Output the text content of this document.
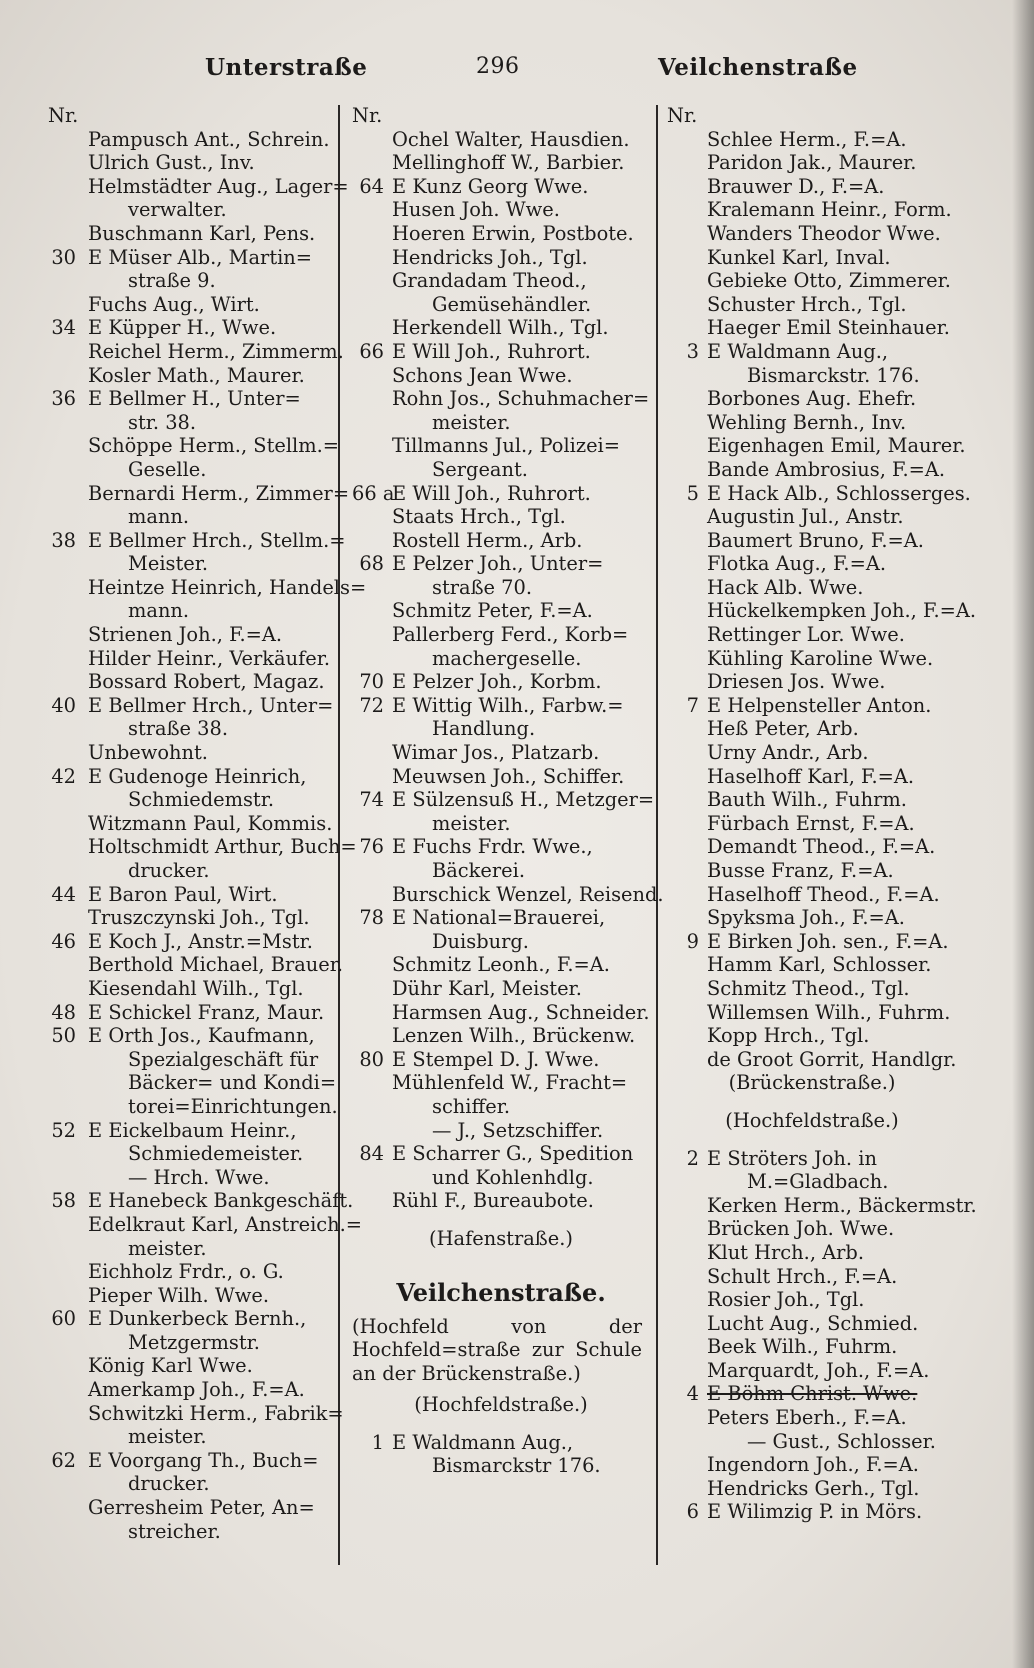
Unterstraße	296	Veilchenstraße
Nr.
Pampusch Ant., Schrein.
Ulrich Gust., Inv.
Helmstädter Aug., Lager=
verwalter.
Buschmann Karl, Pens.
30 E Müser Alb., Martin=
straße 9.
Fuchs Aug., Wirt.
34 E Küpper H., Wwe.
Reichel Herm., Zimmerm.
Kosler Math., Maurer.
36 E Bellmer H., Unter=
str. 38.
Schöppe Herm., Stellm.=
Geselle.
Bernardi Herm., Zimmer=
mann.
38 E Bellmer Hrch., Stellm.=
Meister.
Heintze Heinrich, Handels=
mann.
Strienen Joh., F.=A.
Hilder Heinr., Verkäufer.
Bossard Robert, Magaz.
40 E Bellmer Hrch., Unter=
straße 38.
Unbewohnt.
42 E Gudenoge Heinrich,
Schmiedemstr.
Witzmann Paul, Kommis.
Holtschmidt Arthur, Buch=
drucker.
44 E Baron Paul, Wirt.
Truszczynski Joh., Tgl.
46 E Koch J., Anstr.=Mstr.
Berthold Michael, Brauer.
Kiesendahl Wilh., Tgl.
48 E Schickel Franz, Maur.
50 E Orth Jos., Kaufmann,
Spezialgeschäft für
Bäcker= und Kondi=
torei=Einrichtungen.
52 E Eickelbaum Heinr.,
Schmiedemeister.
— Hrch. Wwe.
58 E Hanebeck Bankgeschäft.
Edelkraut Karl, Anstreich.=
meister.
Eichholz Frdr., o. G.
Pieper Wilh. Wwe.
60 E Dunkerbeck Bernh.,
Metzgermstr.
König Karl Wwe.
Amerkamp Joh., F.=A.
Schwitzki Herm., Fabrik=
meister.
62 E Voorgang Th., Buch=
drucker.
Gerresheim Peter, An=
streicher.
Nr.
Ochel Walter, Hausdien.
Mellinghoff W., Barbier.
64 E Kunz Georg Wwe.
Husen Joh. Wwe.
Hoeren Erwin, Postbote.
Hendricks Joh., Tgl.
Grandadam Theod.,
Gemüsehändler.
Herkendell Wilh., Tgl.
66 E Will Joh., Ruhrort.
Schons Jean Wwe.
Rohn Jos., Schuhmacher=
meister.
Tillmanns Jul., Polizei=
Sergeant.
66 a
E Will Joh., Ruhrort.
Staats Hrch., Tgl.
Rostell Herm., Arb.
68 E Pelzer Joh., Unter=
straße 70.
Schmitz Peter, F.=A.
Pallerberg Ferd., Korb=
machergeselle.
70 E Pelzer Joh., Korbm.
72 E Wittig Wilh., Farbw.=
Handlung.
Wimar Jos., Platzarb.
Meuwsen Joh., Schiffer.
74 E Sülzensuß H., Metzger=
meister.
76 E Fuchs Frdr. Wwe.,
Bäckerei.
Burschick Wenzel, Reisend.
78 E National=Brauerei,
Duisburg.
Schmitz Leonh., F.=A.
Dühr Karl, Meister.
Harmsen Aug., Schneider.
Lenzen Wilh., Brückenw.
80 E Stempel D. J. Wwe.
Mühlenfeld W., Fracht=
schiffer.
— J., Setzschiffer.
84 E Scharrer G., Spedition
und Kohlenhdlg.
Rühl F., Bureaubote.
(Hafenstraße.)
Veilchenstraße.
(Hochfeld von der Hochfeld=straße zur Schule an der Brückenstraße.)
(Hochfeldstraße.)
1 E Waldmann Aug.,
Bismarckstr 176.
Nr.
Schlee Herm., F.=A.
Paridon Jak., Maurer.
Brauwer D., F.=A.
Kralemann Heinr., Form.
Wanders Theodor Wwe.
Kunkel Karl, Inval.
Gebieke Otto, Zimmerer.
Schuster Hrch., Tgl.
Haeger Emil Steinhauer.
3 E Waldmann Aug.,
Bismarckstr. 176.
Borbones Aug. Ehefr.
Wehling Bernh., Inv.
Eigenhagen Emil, Maurer.
Bande Ambrosius, F.=A.
5 E Hack Alb., Schlosserges.
Augustin Jul., Anstr.
Baumert Bruno, F.=A.
Flotka Aug., F.=A.
Hack Alb. Wwe.
Hückelkempken Joh., F.=A.
Rettinger Lor. Wwe.
Kühling Karoline Wwe.
Driesen Jos. Wwe.
7 E Helpensteller Anton.
Heß Peter, Arb.
Urny Andr., Arb.
Haselhoff Karl, F.=A.
Bauth Wilh., Fuhrm.
Fürbach Ernst, F.=A.
Demandt Theod., F.=A.
Busse Franz, F.=A.
Haselhoff Theod., F.=A.
Spyksma Joh., F.=A.
9 E Birken Joh. sen., F.=A.
Hamm Karl, Schlosser.
Schmitz Theod., Tgl.
Willemsen Wilh., Fuhrm.
Kopp Hrch., Tgl.
de Groot Gorrit, Handlgr.
(Brückenstraße.)
(Hochfeldstraße.)
2 E Ströters Joh. in
M.=Gladbach.
Kerken Herm., Bäckermstr.
Brücken Joh. Wwe.
Klut Hrch., Arb.
Schult Hrch., F.=A.
Rosier Joh., Tgl.
Lucht Aug., Schmied.
Beek Wilh., Fuhrm.
Marquardt, Joh., F.=A.
4 E Böhm Christ. Wwe.
Peters Eberh., F.=A.
— Gust., Schlosser.
Ingendorn Joh., F.=A.
Hendricks Gerh., Tgl.
6 E Wilimzig P. in Mörs.
